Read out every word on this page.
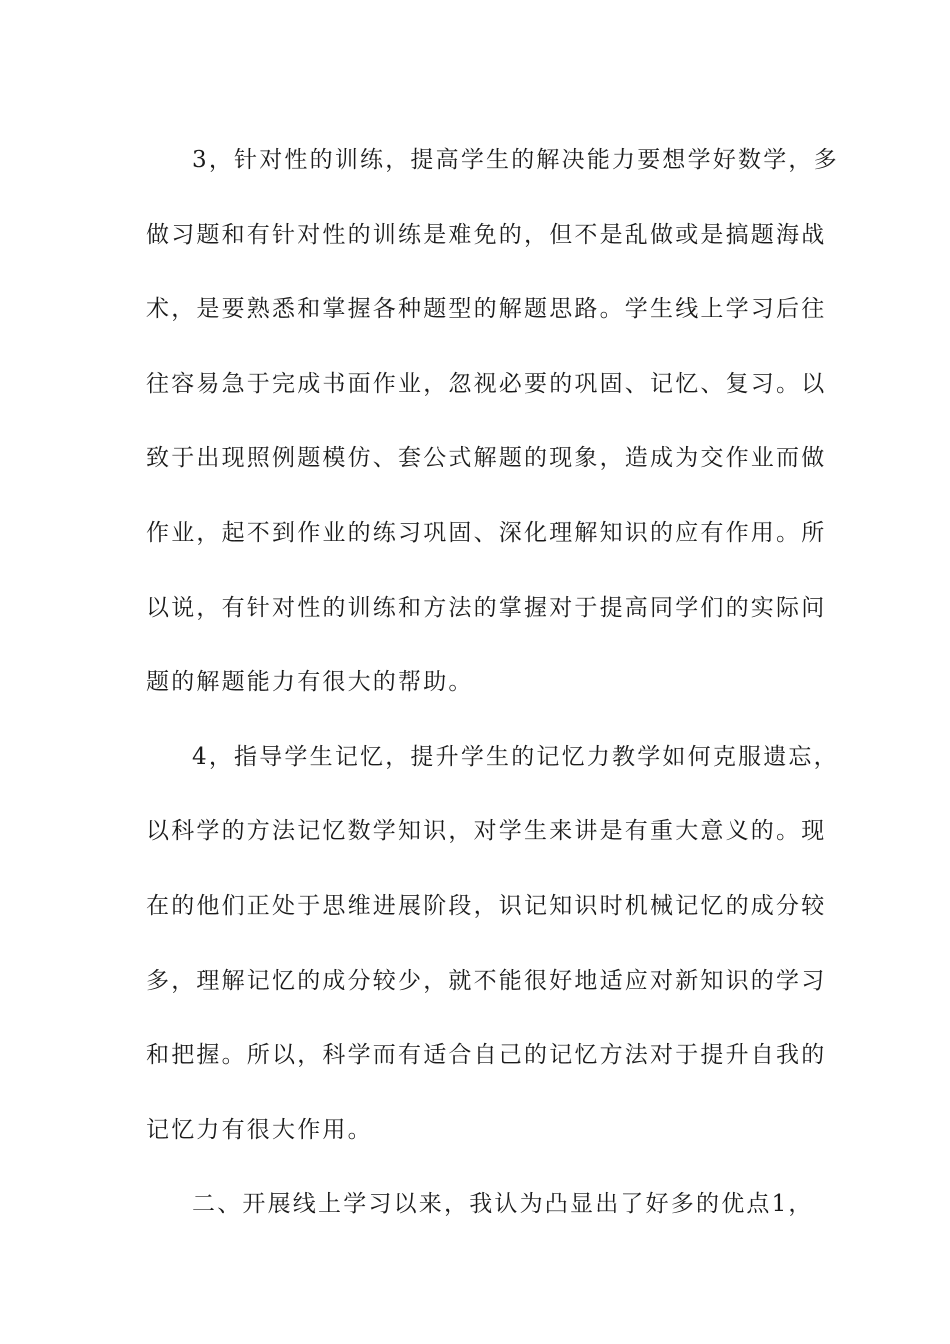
3，针对性的训练，提高学生的解决能力要想学好数学，多
做习题和有针对性的训练是难免的，但不是乱做或是搞题海战
术，是要熟悉和掌握各种题型的解题思路。学生线上学习后往
往容易急于完成书面作业，忽视必要的巩固、记忆、复习。以
致于出现照例题模仿、套公式解题的现象，造成为交作业而做
作业，起不到作业的练习巩固、深化理解知识的应有作用。所
以说，有针对性的训练和方法的掌握对于提高同学们的实际问
题的解题能力有很大的帮助。
4，指导学生记忆，提升学生的记忆力教学如何克服遗忘，
以科学的方法记忆数学知识，对学生来讲是有重大意义的。现
在的他们正处于思维进展阶段，识记知识时机械记忆的成分较
多，理解记忆的成分较少，就不能很好地适应对新知识的学习
和把握。所以，科学而有适合自己的记忆方法对于提升自我的
记忆力有很大作用。
二、开展线上学习以来，我认为凸显出了好多的优点1，
